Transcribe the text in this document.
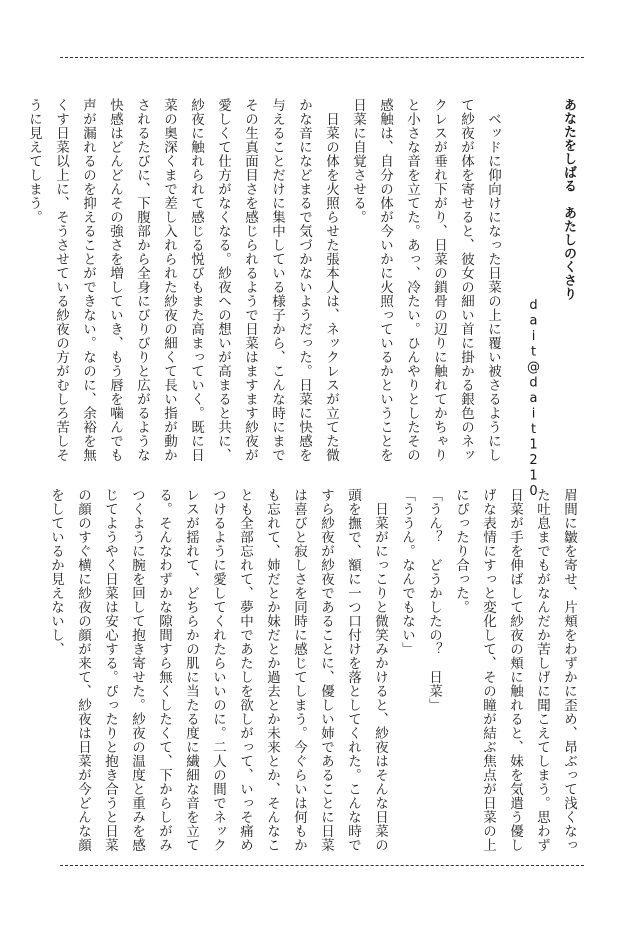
あなたをしばる　あたしのくさり
dait@dait1210

ベッドに仰向けになった日菜の上に覆い被さるようにして紗夜が体を寄せると、彼女の細い首に掛かる銀色のネックレスが垂れ下がり、日菜の鎖骨の辺りに触れてかちゃりと小さな音を立てた。あっ、冷たい。ひんやりとしたその感触は、自分の体が今いかに火照っているかということを日菜に自覚させる。

日菜の体を火照らせた張本人は、ネックレスが立てた微かな音になどまるで気づかないようだった。日菜に快感を与えることだけに集中している様子から、こんな時にまでその生真面目さを感じられるようで日菜はますます紗夜が愛しくて仕方がなくなる。紗夜への想いが高まると共に、紗夜に触れられて感じる悦びもまた高まっていく。既に日菜の奥深くまで差し入れられた紗夜の細くて長い指が動かされるたびに、下腹部から全身にびりびりと広がるような快感はどんどんその強さを増していき、もう唇を噛んでも声が漏れるのを抑えることができない。なのに、余裕を無くす日菜以上に、そうさせている紗夜の方がむしろ苦しそうに見えてしまう。

眉間に皺を寄せ、片頬をわずかに歪め、昂ぶって浅くなった吐息までもがなんだか苦しげに聞こえてしまう。思わず日菜が手を伸ばして紗夜の頬に触れると、妹を気遣う優しげな表情にすっと変化して、その瞳が結ぶ焦点が日菜の上にぴったり合った。

「うん？　どうかしたの？　日菜」

「ううん。なんでもない」

日菜がにっこりと微笑みかけると、紗夜はそんな日菜の頭を撫で、額に一つ口付けを落としてくれた。こんな時ですら紗夜が紗夜であることに、優しい姉であることに日菜は喜びと寂しさを同時に感じてしまう。今ぐらいは何もかも忘れて、姉だとか妹だとか過去とか未来とか、そんなことも全部忘れて、夢中であたしを欲しがって、いっそ痛めつけるように愛してくれたらいいのに。二人の間でネックレスが揺れて、どちらかの肌に当たる度に繊細な音を立てる。そんなわずかな隙間すら無くしたくて、下からしがみつくように腕を回して抱き寄せた。紗夜の温度と重みを感じてようやく日菜は安心する。ぴったりと抱き合うと日菜の顔のすぐ横に紗夜の顔が来て、紗夜は日菜が今どんな顔をしているか見えないし、
